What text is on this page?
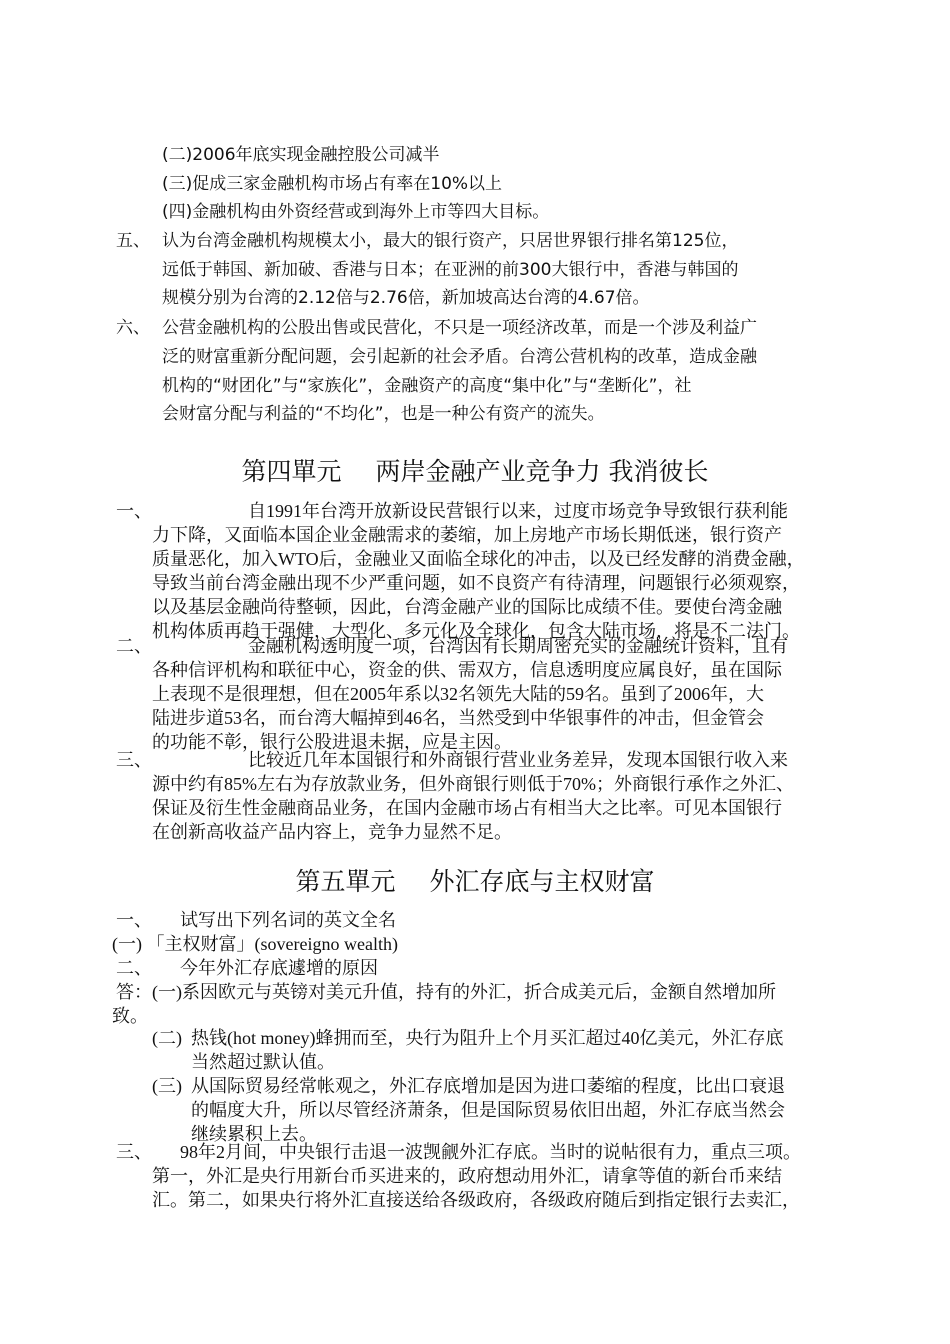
(二)2006年底实现金融控股公司减半
(三)促成三家金融机构市场占有率在10%以上
(四)金融机构由外资经营或到海外上市等四大目标。
五、 认为台湾金融机构规模太小，最大的银行资产，只居世界银行排名第125位，
远低于韩国、新加破、香港与日本；在亚洲的前300大银行中，香港与韩国的
规模分别为台湾的2.12倍与2.76倍，新加坡高达台湾的4.67倍。
六、 公营金融机构的公股出售或民营化，不只是一项经济改革，而是一个涉及利益广
泛的财富重新分配问题，会引起新的社会矛盾。台湾公营机构的改革，造成金融
机构的“财团化”与“家族化”，金融资产的高度“集中化”与“垄断化”，社
会财富分配与利益的“不均化”，也是一种公有资产的流失。
第四單元 两岸金融产业竞争力 我消彼长
一、	自1991年台湾开放新设民营银行以来，过度市场竞争导致银行获利能
力下降，又面临本国企业金融需求的萎缩，加上房地产市场长期低迷，银行资产
质量恶化，加入WTO后，金融业又面临全球化的冲击，以及已经发酵的消费金融，
导致当前台湾金融出现不少严重问题，如不良资产有待清理，问题银行必须观察，
以及基层金融尚待整顿，因此，台湾金融产业的国际比成绩不佳。要使台湾金融
机构体质再趋于强健，大型化、多元化及全球化，包含大陆市场，将是不二法门。
二、	金融机构透明度一项，台湾因有长期周密充实的金融统计资料，且有
各种信评机构和联征中心，资金的供、需双方，信息透明度应属良好，虽在国际
上表现不是很理想，但在2005年系以32名领先大陆的59名。虽到了2006年，大
陆进步道53名，而台湾大幅掉到46名，当然受到中华银事件的冲击，但金管会
的功能不彰，银行公股进退未据，应是主因。
三、	比较近几年本国银行和外商银行营业业务差异，发现本国银行收入来
源中约有85%左右为存放款业务，但外商银行则低于70%；外商银行承作之外汇、
保证及衍生性金融商品业务，在国内金融市场占有相当大之比率。可见本国银行
在创新高收益产品内容上，竞争力显然不足。
第五單元 外汇存底与主权财富
一、 试写出下列名词的英文全名
(一) 「主权财富」(sovereigno wealth)
二、 今年外汇存底遽增的原因
答：(一)系因欧元与英镑对美元升值，持有的外汇，折合成美元后，金额自然增加所
致。
(二) 热钱(hot money)蜂拥而至，央行为阻升上个月买汇超过40亿美元，外汇存底
当然超过默认值。
(三) 从国际贸易经常帐观之，外汇存底增加是因为进口萎缩的程度，比出口衰退
的幅度大升，所以尽管经济萧条，但是国际贸易依旧出超，外汇存底当然会
继续累积上去。
三、 98年2月间，中央银行击退一波觊觎外汇存底。当时的说帖很有力，重点三项。
第一，外汇是央行用新台币买进来的，政府想动用外汇，请拿等值的新台币来结
汇。第二，如果央行将外汇直接送给各级政府，各级政府随后到指定银行去卖汇，
